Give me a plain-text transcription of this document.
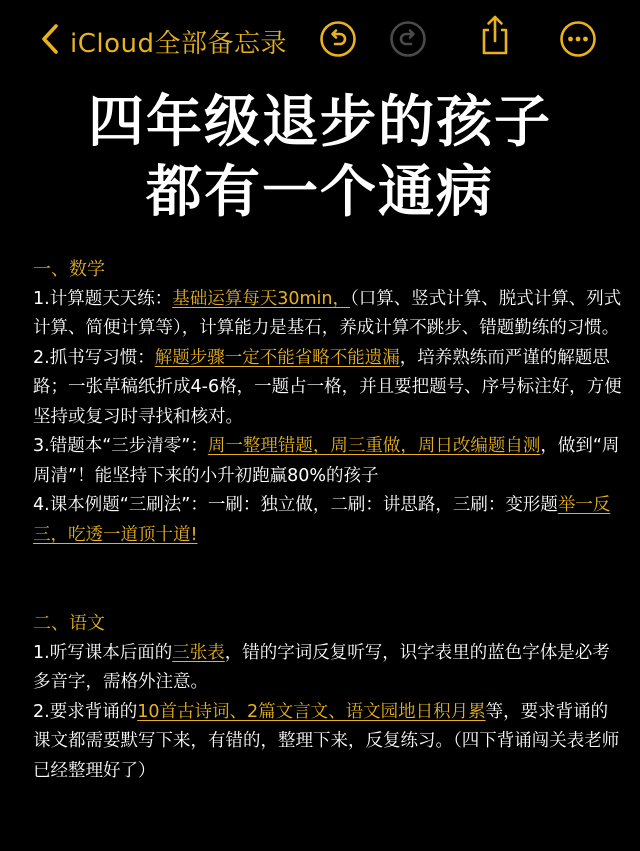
iCloud全部备忘录
四年级退步的孩子
都有一个通病
一、数学

1.计算题天天练：基础运算每天30min，（口算、竖式计算、脱式计算、列式计算、简便计算等），计算能力是基石，养成计算不跳步、错题勤练的习惯。

2.抓书写习惯：解题步骤一定不能省略不能遗漏，培养熟练而严谨的解题思路；一张草稿纸折成4-6格，一题占一格，并且要把题号、序号标注好，方便坚持或复习时寻找和核对。

3.错题本“三步清零”：周一整理错题，周三重做，周日改编题自测，做到“周周清”！能坚持下来的小升初跑赢80%的孩子

4.课本例题“三刷法”：一刷：独立做，二刷：讲思路，三刷：变形题举一反三，吃透一道顶十道!

二、语文

1.听写课本后面的三张表，错的字词反复听写，识字表里的蓝色字体是必考多音字，需格外注意。

2.要求背诵的10首古诗词、2篇文言文、语文园地日积月累等，要求背诵的课文都需要默写下来，有错的，整理下来，反复练习。（四下背诵闯关表老师已经整理好了）
